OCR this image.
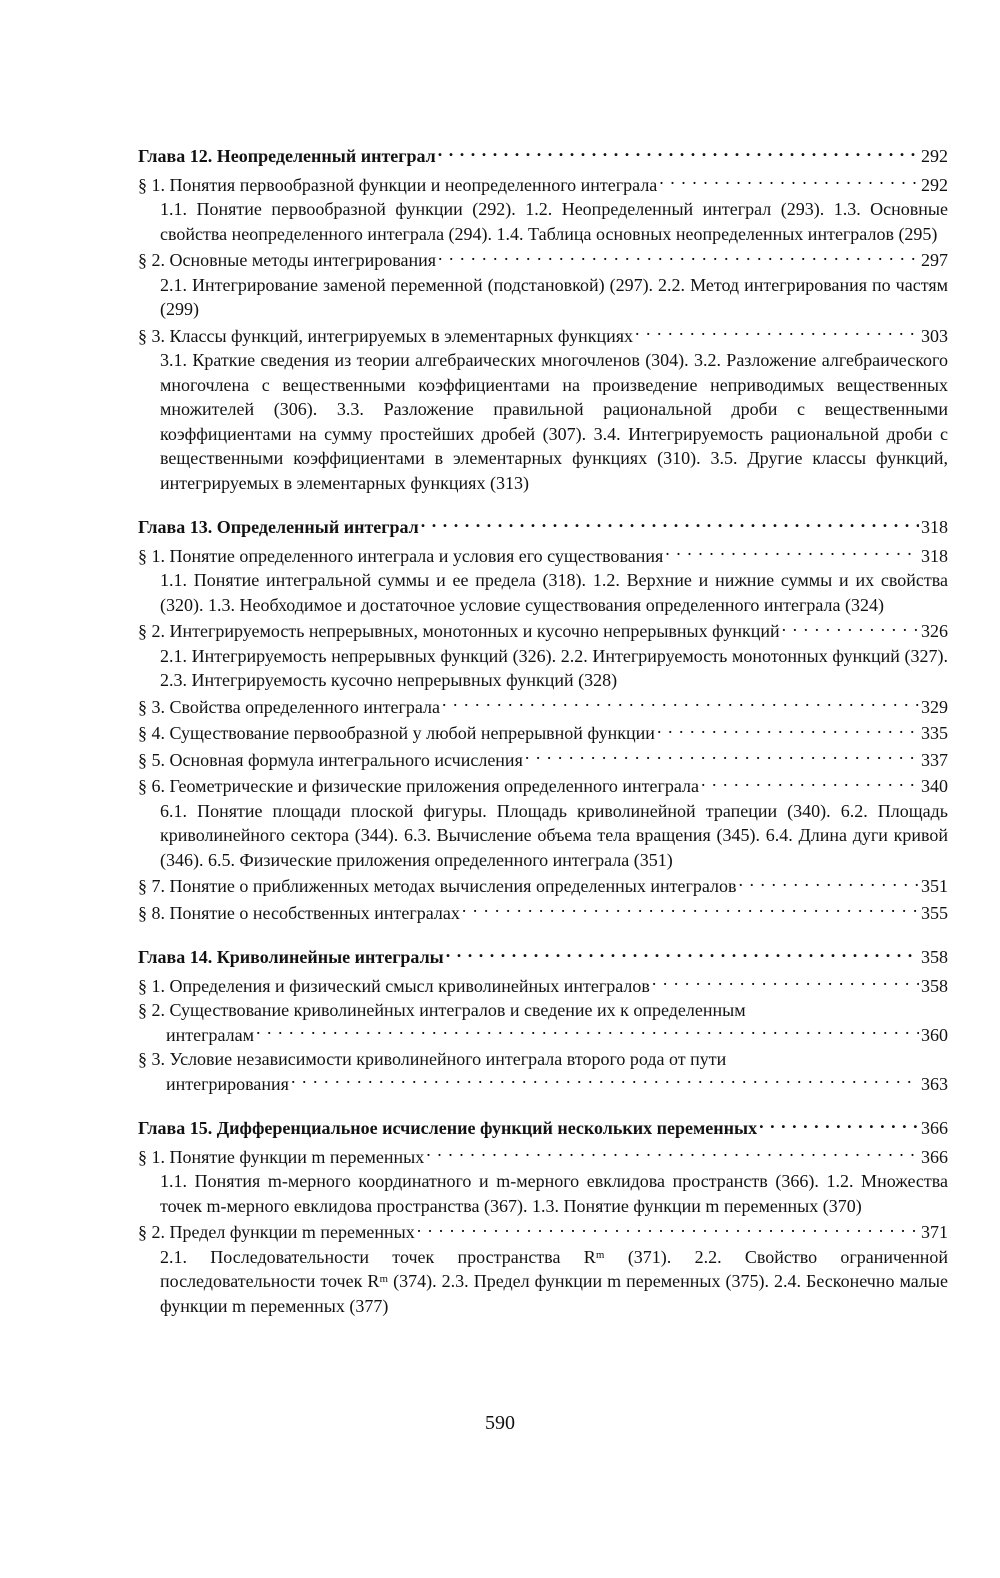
Глава 12. Неопределенный интеграл . . .	292
§ 1. Понятия первообразной функции и неопределенного интеграла . . .	292
1.1. Понятие первообразной функции (292). 1.2. Неопределенный интеграл (293). 1.3. Основные свойства неопределенного интеграла (294). 1.4. Таблица основных неопределенных интегралов (295)
§ 2. Основные методы интегрирования . . .	297
2.1. Интегрирование заменой переменной (подстановкой) (297). 2.2. Метод интегрирования по частям (299)
§ 3. Классы функций, интегрируемых в элементарных функциях . . .	303
3.1. Краткие сведения из теории алгебраических многочленов (304). 3.2. Разложение алгебраического многочлена с вещественными коэффициентами на произведение неприводимых вещественных множителей (306). 3.3. Разложение правильной рациональной дроби с вещественными коэффициентами на сумму простейших дробей (307). 3.4. Интегрируемость рациональной дроби с вещественными коэффициентами в элементарных функциях (310). 3.5. Другие классы функций, интегрируемых в элементарных функциях (313)
Глава 13. Определенный интеграл . . .	318
§ 1. Понятие определенного интеграла и условия его существования . . .	318
1.1. Понятие интегральной суммы и ее предела (318). 1.2. Верхние и нижние суммы и их свойства (320). 1.3. Необходимое и достаточное условие существования определенного интеграла (324)
§ 2. Интегрируемость непрерывных, монотонных и кусочно непрерывных функций . . .	326
2.1. Интегрируемость непрерывных функций (326). 2.2. Интегрируемость монотонных функций (327). 2.3. Интегрируемость кусочно непрерывных функций (328)
§ 3. Свойства определенного интеграла . . .	329
§ 4. Существование первообразной у любой непрерывной функции . . .	335
§ 5. Основная формула интегрального исчисления . . .	337
§ 6. Геометрические и физические приложения определенного интеграла . . .	340
6.1. Понятие площади плоской фигуры. Площадь криволинейной трапеции (340). 6.2. Площадь криволинейного сектора (344). 6.3. Вычисление объема тела вращения (345). 6.4. Длина дуги кривой (346). 6.5. Физические приложения определенного интеграла (351)
§ 7. Понятие о приближенных методах вычисления определенных интегралов . . .	351
§ 8. Понятие о несобственных интегралах . . .	355
Глава 14. Криволинейные интегралы . . .	358
§ 1. Определения и физический смысл криволинейных интегралов . . .	358
§ 2. Существование криволинейных интегралов и сведение их к определенным
интегралам . . .	360
§ 3. Условие независимости криволинейного интеграла второго рода от пути
интегрирования . . .	363
Глава 15. Дифференциальное исчисление функций нескольких переменных . . .	366
§ 1. Понятие функции m переменных . . .	366
1.1. Понятия m-мерного координатного и m-мерного евклидова пространств (366). 1.2. Множества точек m-мерного евклидова пространства (367). 1.3. Понятие функции m переменных (370)
§ 2. Предел функции m переменных . . .	371
2.1. Последовательности точек пространства Rᵐ (371). 2.2. Свойство ограниченной последовательности точек Rᵐ (374). 2.3. Предел функции m переменных (375). 2.4. Бесконечно малые функции m переменных (377)
590
